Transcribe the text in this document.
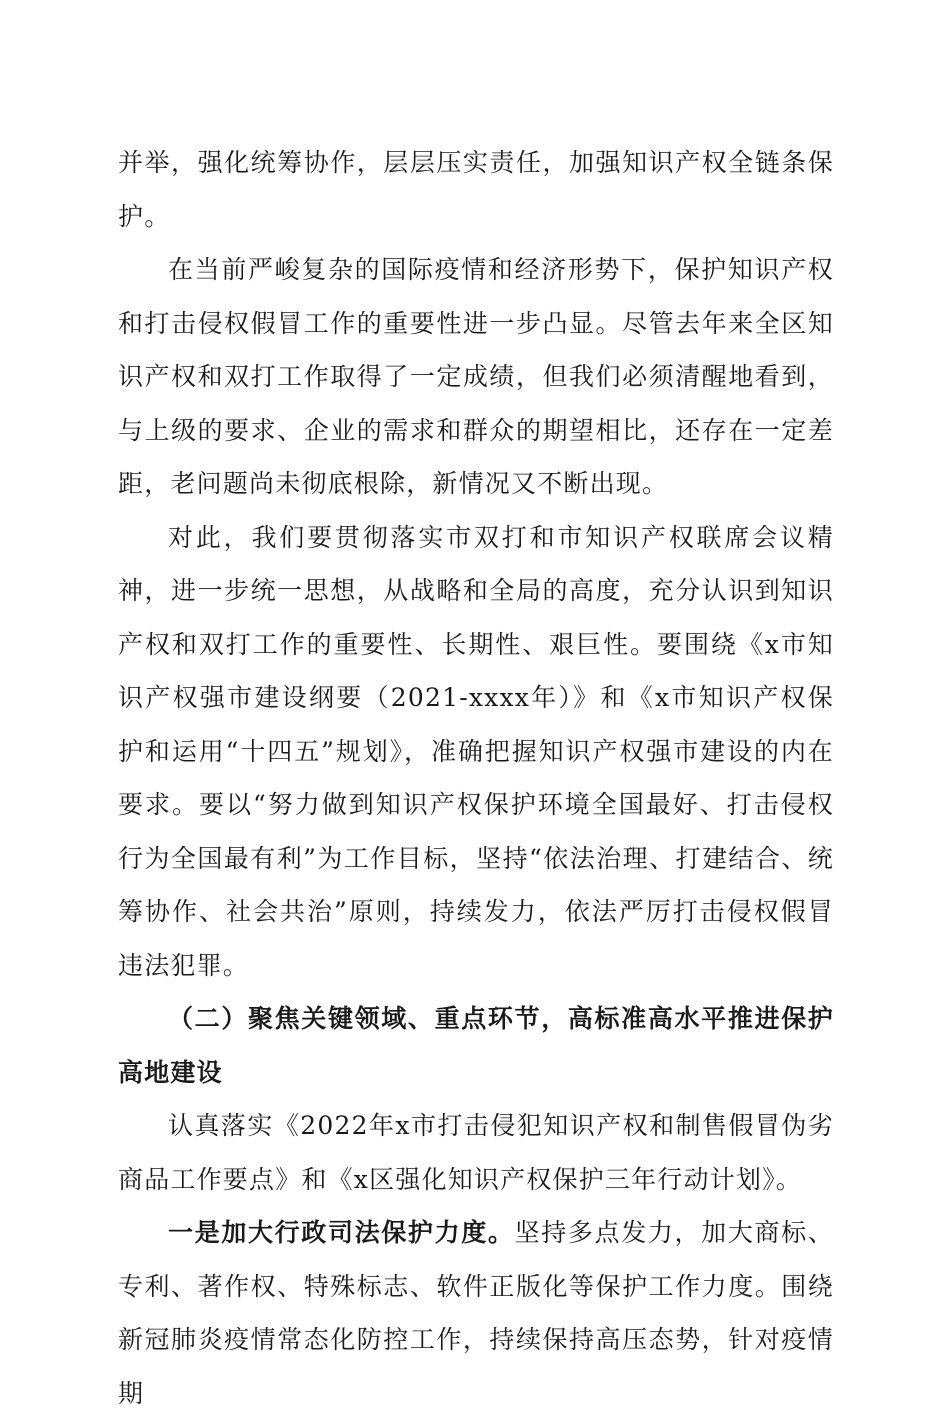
并举，强化统筹协作，层层压实责任，加强知识产权全链条保护。

在当前严峻复杂的国际疫情和经济形势下，保护知识产权和打击侵权假冒工作的重要性进一步凸显。尽管去年来全区知识产权和双打工作取得了一定成绩，但我们必须清醒地看到，与上级的要求、企业的需求和群众的期望相比，还存在一定差距，老问题尚未彻底根除，新情况又不断出现。

对此，我们要贯彻落实市双打和市知识产权联席会议精神，进一步统一思想，从战略和全局的高度，充分认识到知识产权和双打工作的重要性、长期性、艰巨性。要围绕《x市知识产权强市建设纲要（2021-xxxx年）》和《x市知识产权保护和运用“十四五”规划》，准确把握知识产权强市建设的内在要求。要以“努力做到知识产权保护环境全国最好、打击侵权行为全国最有利”为工作目标，坚持“依法治理、打建结合、统筹协作、社会共治”原则，持续发力，依法严厉打击侵权假冒违法犯罪。

（二）聚焦关键领域、重点环节，高标准高水平推进保护高地建设

认真落实《2022年x市打击侵犯知识产权和制售假冒伪劣商品工作要点》和《x区强化知识产权保护三年行动计划》。

一是加大行政司法保护力度。坚持多点发力，加大商标、专利、著作权、特殊标志、软件正版化等保护工作力度。围绕新冠肺炎疫情常态化防控工作，持续保持高压态势，针对疫情期
